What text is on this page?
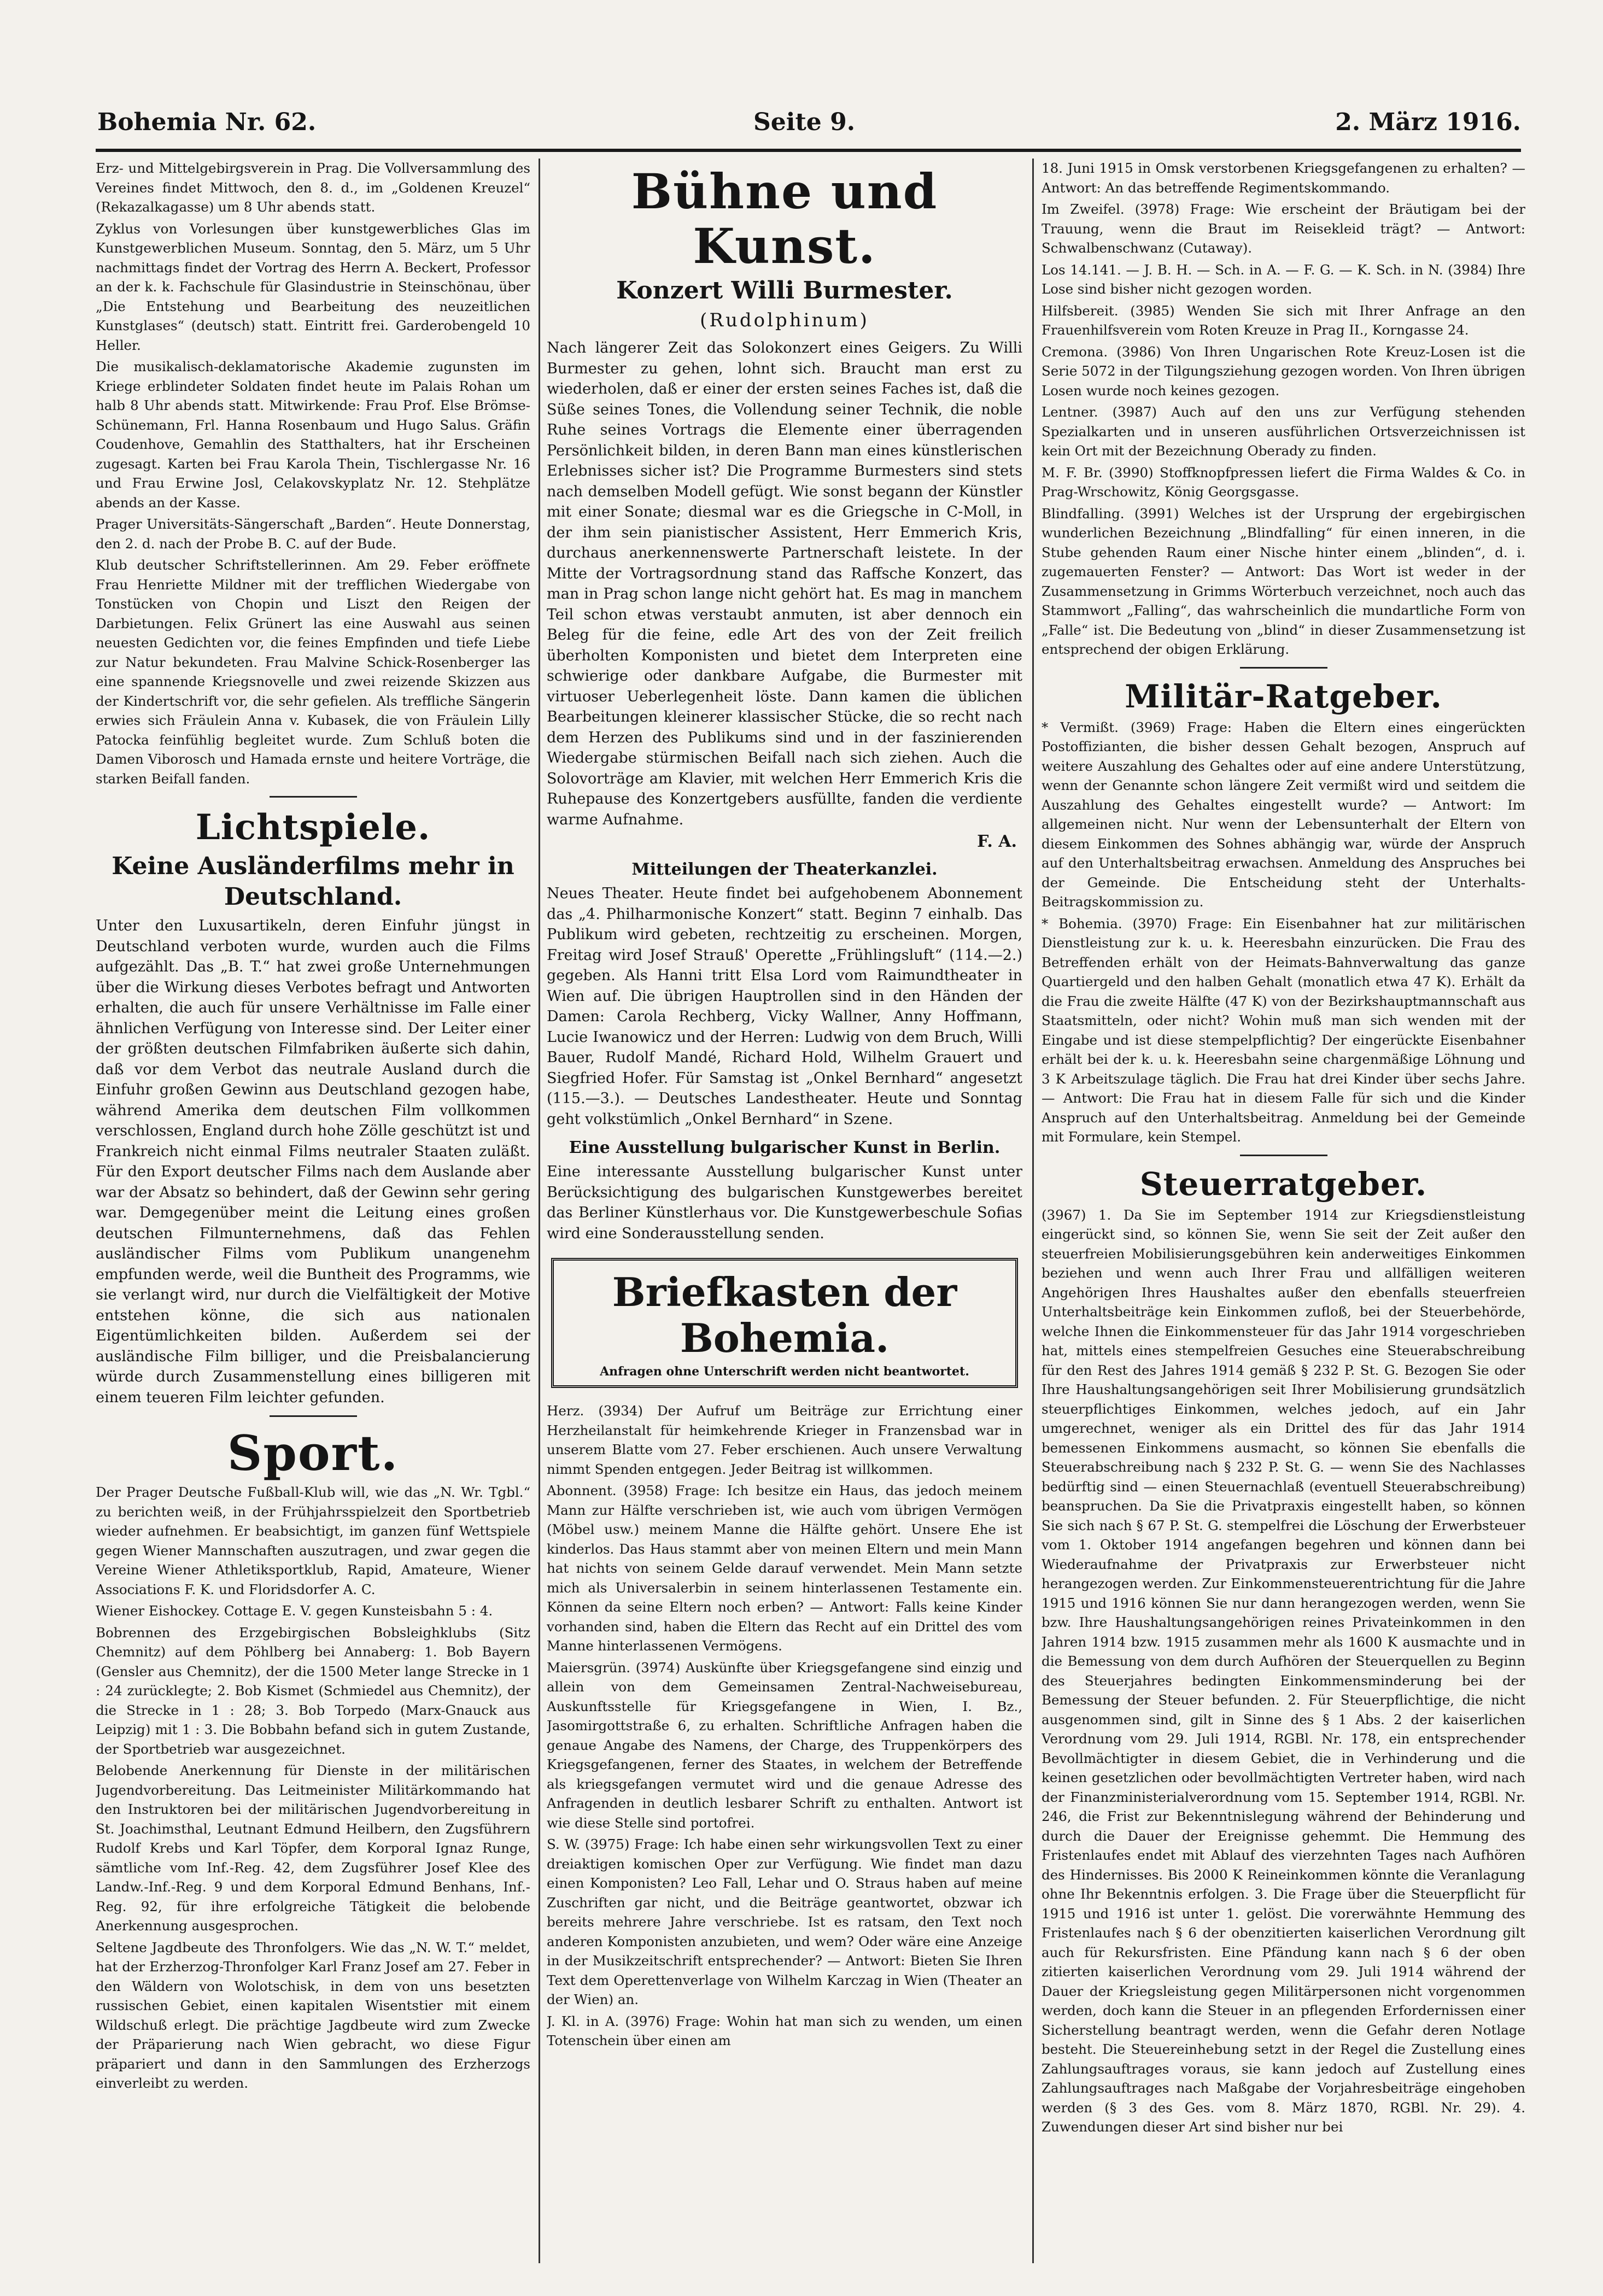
Bohemia Nr. 62.	Seite 9.	2. März 1916.

Erz- und Mittelgebirgsverein in Prag. Die Vollversammlung des Vereines findet Mittwoch, den 8. d., im „Goldenen Kreuzel“ (Rekazalkagasse) um 8 Uhr abends statt.

Zyklus von Vorlesungen über kunstgewerbliches Glas im Kunstgewerblichen Museum. Sonntag, den 5. März, um 5 Uhr nachmittags findet der Vortrag des Herrn A. Beckert, Professor an der k. k. Fachschule für Glasindustrie in Steinschönau, über „Die Entstehung und Bearbeitung des neuzeitlichen Kunstglases“ (deutsch) statt. Eintritt frei. Garderobengeld 10 Heller.

Die musikalisch-deklamatorische Akademie zugunsten im Kriege erblindeter Soldaten findet heute im Palais Rohan um halb 8 Uhr abends statt. Mitwirkende: Frau Prof. Else Brömse-Schünemann, Frl. Hanna Rosenbaum und Hugo Salus. Gräfin Coudenhove, Gemahlin des Statthalters, hat ihr Erscheinen zugesagt. Karten bei Frau Karola Thein, Tischlergasse Nr. 16 und Frau Erwine Josl, Celakovskyplatz Nr. 12. Stehplätze abends an der Kasse.

Prager Universitäts-Sängerschaft „Barden“. Heute Donnerstag, den 2. d. nach der Probe B. C. auf der Bude.

Klub deutscher Schriftstellerinnen. Am 29. Feber eröffnete Frau Henriette Mildner mit der trefflichen Wiedergabe von Tonstücken von Chopin und Liszt den Reigen der Darbietungen. Felix Grünert las eine Auswahl aus seinen neuesten Gedichten vor, die feines Empfinden und tiefe Liebe zur Natur bekundeten. Frau Malvine Schick-Rosenberger las eine spannende Kriegsnovelle und zwei reizende Skizzen aus der Kindertschrift vor, die sehr gefielen. Als treffliche Sängerin erwies sich Fräulein Anna v. Kubasek, die von Fräulein Lilly Patocka feinfühlig begleitet wurde. Zum Schluß boten die Damen Viborosch und Hamada ernste und heitere Vorträge, die starken Beifall fanden.

Lichtspiele.
Keine Ausländerfilms mehr in Deutschland.

Unter den Luxusartikeln, deren Einfuhr jüngst in Deutschland verboten wurde, wurden auch die Films aufgezählt. Das „B. T.“ hat zwei große Unternehmungen über die Wirkung dieses Verbotes befragt und Antworten erhalten, die auch für unsere Verhältnisse im Falle einer ähnlichen Verfügung von Interesse sind. Der Leiter einer der größten deutschen Filmfabriken äußerte sich dahin, daß vor dem Verbot das neutrale Ausland durch die Einfuhr großen Gewinn aus Deutschland gezogen habe, während Amerika dem deutschen Film vollkommen verschlossen, England durch hohe Zölle geschützt ist und Frankreich nicht einmal Films neutraler Staaten zuläßt. Für den Export deutscher Films nach dem Auslande aber war der Absatz so behindert, daß der Gewinn sehr gering war. Demgegenüber meint die Leitung eines großen deutschen Filmunternehmens, daß das Fehlen ausländischer Films vom Publikum unangenehm empfunden werde, weil die Buntheit des Programms, wie sie verlangt wird, nur durch die Vielfältigkeit der Motive entstehen könne, die sich aus nationalen Eigentümlichkeiten bilden. Außerdem sei der ausländische Film billiger, und die Preisbalancierung würde durch Zusammenstellung eines billigeren mit einem teueren Film leichter gefunden.

Sport.

Der Prager Deutsche Fußball-Klub will, wie das „N. Wr. Tgbl.“ zu berichten weiß, in der Frühjahrsspielzeit den Sportbetrieb wieder aufnehmen. Er beabsichtigt, im ganzen fünf Wettspiele gegen Wiener Mannschaften auszutragen, und zwar gegen die Vereine Wiener Athletiksportklub, Rapid, Amateure, Wiener Associations F. K. und Floridsdorfer A. C.

Wiener Eishockey. Cottage E. V. gegen Kunsteisbahn 5 : 4.

Bobrennen des Erzgebirgischen Bobsleighklubs (Sitz Chemnitz) auf dem Pöhlberg bei Annaberg: 1. Bob Bayern (Gensler aus Chemnitz), der die 1500 Meter lange Strecke in 1 : 24 zurücklegte; 2. Bob Kismet (Schmiedel aus Chemnitz), der die Strecke in 1 : 28; 3. Bob Torpedo (Marx-Gnauck aus Leipzig) mit 1 : 3. Die Bobbahn befand sich in gutem Zustande, der Sportbetrieb war ausgezeichnet.

Belobende Anerkennung für Dienste in der militärischen Jugendvorbereitung. Das Leitmeinister Militärkommando hat den Instruktoren bei der militärischen Jugendvorbereitung in St. Joachimsthal, Leutnant Edmund Heilbern, den Zugsführern Rudolf Krebs und Karl Töpfer, dem Korporal Ignaz Runge, sämtliche vom Inf.-Reg. 42, dem Zugsführer Josef Klee des Landw.-Inf.-Reg. 9 und dem Korporal Edmund Benhans, Inf.-Reg. 92, für ihre erfolgreiche Tätigkeit die belobende Anerkennung ausgesprochen.

Seltene Jagdbeute des Thronfolgers. Wie das „N. W. T.“ meldet, hat der Erzherzog-Thronfolger Karl Franz Josef am 27. Feber in den Wäldern von Wolotschisk, in dem von uns besetzten russischen Gebiet, einen kapitalen Wisentstier mit einem Wildschuß erlegt. Die prächtige Jagdbeute wird zum Zwecke der Präparierung nach Wien gebracht, wo diese Figur präpariert und dann in den Sammlungen des Erzherzogs einverleibt zu werden.

Bühne und Kunst.
Konzert Willi Burmester.
(Rudolphinum)

Nach längerer Zeit das Solokonzert eines Geigers. Zu Willi Burmester zu gehen, lohnt sich. Braucht man erst zu wiederholen, daß er einer der ersten seines Faches ist, daß die Süße seines Tones, die Vollendung seiner Technik, die noble Ruhe seines Vortrags die Elemente einer überragenden Persönlichkeit bilden, in deren Bann man eines künstlerischen Erlebnisses sicher ist? Die Programme Burmesters sind stets nach demselben Modell gefügt. Wie sonst begann der Künstler mit einer Sonate; diesmal war es die Griegsche in C-Moll, in der ihm sein pianistischer Assistent, Herr Emmerich Kris, durchaus anerkennenswerte Partnerschaft leistete. In der Mitte der Vortragsordnung stand das Raffsche Konzert, das man in Prag schon lange nicht gehört hat. Es mag in manchem Teil schon etwas verstaubt anmuten, ist aber dennoch ein Beleg für die feine, edle Art des von der Zeit freilich überholten Komponisten und bietet dem Interpreten eine schwierige oder dankbare Aufgabe, die Burmester mit virtuoser Ueberlegenheit löste. Dann kamen die üblichen Bearbeitungen kleinerer klassischer Stücke, die so recht nach dem Herzen des Publikums sind und in der faszinierenden Wiedergabe stürmischen Beifall nach sich ziehen. Auch die Solovorträge am Klavier, mit welchen Herr Emmerich Kris die Ruhepause des Konzertgebers ausfüllte, fanden die verdiente warme Aufnahme.

F. A.
Mitteilungen der Theaterkanzlei.

Neues Theater. Heute findet bei aufgehobenem Abonnement das „4. Philharmonische Konzert“ statt. Beginn 7 einhalb. Das Publikum wird gebeten, rechtzeitig zu erscheinen. Morgen, Freitag wird Josef Strauß' Operette „Frühlingsluft“ (114.—2.) gegeben. Als Hanni tritt Elsa Lord vom Raimundtheater in Wien auf. Die übrigen Hauptrollen sind in den Händen der Damen: Carola Rechberg, Vicky Wallner, Anny Hoffmann, Lucie Iwanowicz und der Herren: Ludwig von dem Bruch, Willi Bauer, Rudolf Mandé, Richard Hold, Wilhelm Grauert und Siegfried Hofer. Für Samstag ist „Onkel Bernhard“ angesetzt (115.—3.). — Deutsches Landestheater. Heute und Sonntag geht volkstümlich „Onkel Bernhard“ in Szene.

Eine Ausstellung bulgarischer Kunst in Berlin.

Eine interessante Ausstellung bulgarischer Kunst unter Berücksichtigung des bulgarischen Kunstgewerbes bereitet das Berliner Künstlerhaus vor. Die Kunstgewerbeschule Sofias wird eine Sonderausstellung senden.

Briefkasten der Bohemia.
Anfragen ohne Unterschrift werden nicht beantwortet.

Herz. (3934) Der Aufruf um Beiträge zur Errichtung einer Herzheilanstalt für heimkehrende Krieger in Franzensbad war in unserem Blatte vom 27. Feber erschienen. Auch unsere Verwaltung nimmt Spenden entgegen. Jeder Beitrag ist willkommen.

Abonnent. (3958) Frage: Ich besitze ein Haus, das jedoch meinem Mann zur Hälfte verschrieben ist, wie auch vom übrigen Vermögen (Möbel usw.) meinem Manne die Hälfte gehört. Unsere Ehe ist kinderlos. Das Haus stammt aber von meinen Eltern und mein Mann hat nichts von seinem Gelde darauf verwendet. Mein Mann setzte mich als Universalerbin in seinem hinterlassenen Testamente ein. Können da seine Eltern noch erben? — Antwort: Falls keine Kinder vorhanden sind, haben die Eltern das Recht auf ein Drittel des vom Manne hinterlassenen Vermögens.

Maiersgrün. (3974) Auskünfte über Kriegsgefangene sind einzig und allein von dem Gemeinsamen Zentral-Nachweisebureau, Auskunftsstelle für Kriegsgefangene in Wien, I. Bz., Jasomirgottstraße 6, zu erhalten. Schriftliche Anfragen haben die genaue Angabe des Namens, der Charge, des Truppenkörpers des Kriegsgefangenen, ferner des Staates, in welchem der Betreffende als kriegsgefangen vermutet wird und die genaue Adresse des Anfragenden in deutlich lesbarer Schrift zu enthalten. Antwort ist wie diese Stelle sind portofrei.

S. W. (3975) Frage: Ich habe einen sehr wirkungsvollen Text zu einer dreiaktigen komischen Oper zur Verfügung. Wie findet man dazu einen Komponisten? Leo Fall, Lehar und O. Straus haben auf meine Zuschriften gar nicht, und die Beiträge geantwortet, obzwar ich bereits mehrere Jahre verschriebe. Ist es ratsam, den Text noch anderen Komponisten anzubieten, und wem? Oder wäre eine Anzeige in der Musikzeitschrift entsprechender? — Antwort: Bieten Sie Ihren Text dem Operettenverlage von Wilhelm Karczag in Wien (Theater an der Wien) an.

J. Kl. in A. (3976) Frage: Wohin hat man sich zu wenden, um einen Totenschein über einen am

18. Juni 1915 in Omsk verstorbenen Kriegsgefangenen zu erhalten? — Antwort: An das betreffende Regimentskommando.

Im Zweifel. (3978) Frage: Wie erscheint der Bräutigam bei der Trauung, wenn die Braut im Reisekleid trägt? — Antwort: Schwalbenschwanz (Cutaway).

Los 14.141. — J. B. H. — Sch. in A. — F. G. — K. Sch. in N. (3984) Ihre Lose sind bisher nicht gezogen worden.

Hilfsbereit. (3985) Wenden Sie sich mit Ihrer Anfrage an den Frauenhilfsverein vom Roten Kreuze in Prag II., Korngasse 24.

Cremona. (3986) Von Ihren Ungarischen Rote Kreuz-Losen ist die Serie 5072 in der Tilgungsziehung gezogen worden. Von Ihren übrigen Losen wurde noch keines gezogen.

Lentner. (3987) Auch auf den uns zur Verfügung stehenden Spezialkarten und in unseren ausführlichen Ortsverzeichnissen ist kein Ort mit der Bezeichnung Oberady zu finden.

M. F. Br. (3990) Stoffknopfpressen liefert die Firma Waldes & Co. in Prag-Wrschowitz, König Georgsgasse.

Blindfalling. (3991) Welches ist der Ursprung der ergebirgischen wunderlichen Bezeichnung „Blindfalling“ für einen inneren, in die Stube gehenden Raum einer Nische hinter einem „blinden“, d. i. zugemauerten Fenster? — Antwort: Das Wort ist weder in der Zusammensetzung in Grimms Wörterbuch verzeichnet, noch auch das Stammwort „Falling“, das wahrscheinlich die mundartliche Form von „Falle“ ist. Die Bedeutung von „blind“ in dieser Zusammensetzung ist entsprechend der obigen Erklärung.

Militär-Ratgeber.

* Vermißt. (3969) Frage: Haben die Eltern eines eingerückten Postoffizianten, die bisher dessen Gehalt bezogen, Anspruch auf weitere Auszahlung des Gehaltes oder auf eine andere Unterstützung, wenn der Genannte schon längere Zeit vermißt wird und seitdem die Auszahlung des Gehaltes eingestellt wurde? — Antwort: Im allgemeinen nicht. Nur wenn der Lebensunterhalt der Eltern von diesem Einkommen des Sohnes abhängig war, würde der Anspruch auf den Unterhaltsbeitrag erwachsen. Anmeldung des Anspruches bei der Gemeinde. Die Entscheidung steht der Unterhalts-Beitragskommission zu.

* Bohemia. (3970) Frage: Ein Eisenbahner hat zur militärischen Dienstleistung zur k. u. k. Heeresbahn einzurücken. Die Frau des Betreffenden erhält von der Heimats-Bahnverwaltung das ganze Quartiergeld und den halben Gehalt (monatlich etwa 47 K). Erhält da die Frau die zweite Hälfte (47 K) von der Bezirkshauptmannschaft aus Staatsmitteln, oder nicht? Wohin muß man sich wenden mit der Eingabe und ist diese stempelpflichtig? Der eingerückte Eisenbahner erhält bei der k. u. k. Heeresbahn seine chargenmäßige Löhnung und 3 K Arbeitszulage täglich. Die Frau hat drei Kinder über sechs Jahre. — Antwort: Die Frau hat in diesem Falle für sich und die Kinder Anspruch auf den Unterhaltsbeitrag. Anmeldung bei der Gemeinde mit Formulare, kein Stempel.

Steuerratgeber.

(3967) 1. Da Sie im September 1914 zur Kriegsdienstleistung eingerückt sind, so können Sie, wenn Sie seit der Zeit außer den steuerfreien Mobilisierungsgebühren kein anderweitiges Einkommen beziehen und wenn auch Ihrer Frau und allfälligen weiteren Angehörigen Ihres Haushaltes außer den ebenfalls steuerfreien Unterhaltsbeiträge kein Einkommen zufloß, bei der Steuerbehörde, welche Ihnen die Einkommensteuer für das Jahr 1914 vorgeschrieben hat, mittels eines stempelfreien Gesuches eine Steuerabschreibung für den Rest des Jahres 1914 gemäß § 232 P. St. G. Bezogen Sie oder Ihre Haushaltungsangehörigen seit Ihrer Mobilisierung grundsätzlich steuerpflichtiges Einkommen, welches jedoch, auf ein Jahr umgerechnet, weniger als ein Drittel des für das Jahr 1914 bemessenen Einkommens ausmacht, so können Sie ebenfalls die Steuerabschreibung nach § 232 P. St. G. — wenn Sie des Nachlasses bedürftig sind — einen Steuernachlaß (eventuell Steuerabschreibung) beanspruchen. Da Sie die Privatpraxis eingestellt haben, so können Sie sich nach § 67 P. St. G. stempelfrei die Löschung der Erwerbsteuer vom 1. Oktober 1914 angefangen begehren und können dann bei Wiederaufnahme der Privatpraxis zur Erwerbsteuer nicht herangezogen werden. Zur Einkommensteuerentrichtung für die Jahre 1915 und 1916 können Sie nur dann herangezogen werden, wenn Sie bzw. Ihre Haushaltungsangehörigen reines Privateinkommen in den Jahren 1914 bzw. 1915 zusammen mehr als 1600 K ausmachte und in die Bemessung von dem durch Aufhören der Steuerquellen zu Beginn des Steuerjahres bedingten Einkommensminderung bei der Bemessung der Steuer befunden. 2. Für Steuerpflichtige, die nicht ausgenommen sind, gilt in Sinne des § 1 Abs. 2 der kaiserlichen Verordnung vom 29. Juli 1914, RGBl. Nr. 178, ein entsprechender Bevollmächtigter in diesem Gebiet, die in Verhinderung und die keinen gesetzlichen oder bevollmächtigten Vertreter haben, wird nach der Finanzministerialverordnung vom 15. September 1914, RGBl. Nr. 246, die Frist zur Bekenntnislegung während der Behinderung und durch die Dauer der Ereignisse gehemmt. Die Hemmung des Fristenlaufes endet mit Ablauf des vierzehnten Tages nach Aufhören des Hindernisses. Bis 2000 K Reineinkommen könnte die Veranlagung ohne Ihr Bekenntnis erfolgen. 3. Die Frage über die Steuerpflicht für 1915 und 1916 ist unter 1. gelöst. Die vorerwähnte Hemmung des Fristenlaufes nach § 6 der obenzitierten kaiserlichen Verordnung gilt auch für Rekursfristen. Eine Pfändung kann nach § 6 der oben zitierten kaiserlichen Verordnung vom 29. Juli 1914 während der Dauer der Kriegsleistung gegen Militärpersonen nicht vorgenommen werden, doch kann die Steuer in an pflegenden Erfordernissen einer Sicherstellung beantragt werden, wenn die Gefahr deren Notlage besteht. Die Steuereinhebung setzt in der Regel die Zustellung eines Zahlungsauftrages voraus, sie kann jedoch auf Zustellung eines Zahlungsauftrages nach Maßgabe der Vorjahresbeiträge eingehoben werden (§ 3 des Ges. vom 8. März 1870, RGBl. Nr. 29). 4. Zuwendungen dieser Art sind bisher nur bei
